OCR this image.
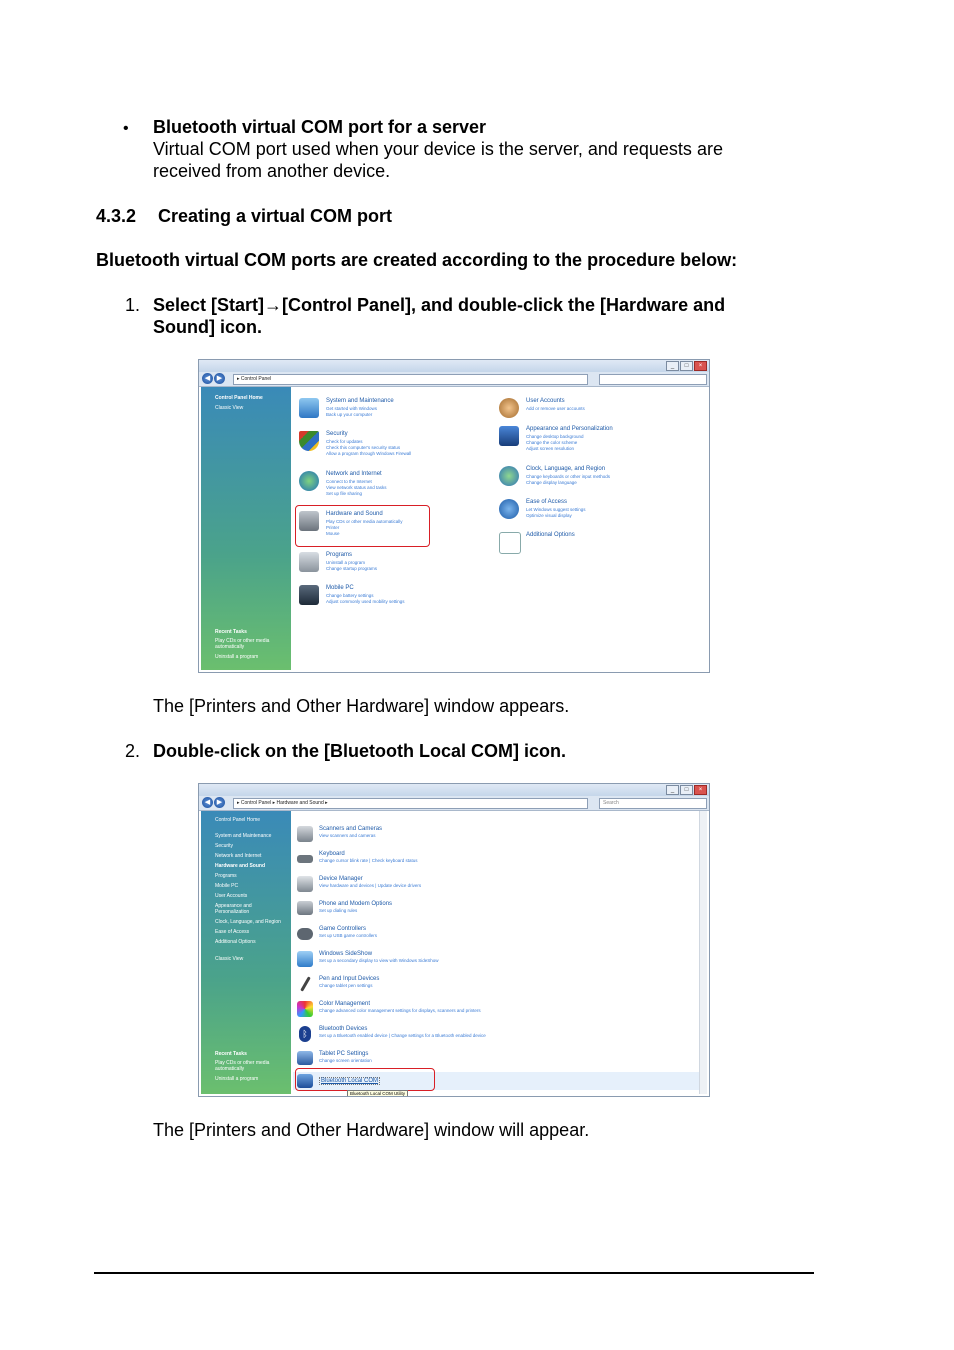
• Bluetooth virtual COM port for a server
Virtual COM port used when your device is the server, and requests are
received from another device.
4.3.2 Creating a virtual COM port
Bluetooth virtual COM ports are created according to the procedure below:
1. Select [Start]→[Control Panel], and double-click the [Hardware and
Sound] icon.
_	□	×
◀ ▶	▸ Control Panel
Control Panel Home
Classic View
Recent Tasks
Play CDs or other media
automatically
Uninstall a program
System and Maintenance
Get started with Windows
Back up your computer
Security
Check for updates
Check this computer's security status
Allow a program through Windows Firewall
Network and Internet
Connect to the Internet
View network status and tasks
Set up file sharing
Hardware and Sound
Play CDs or other media automatically
Printer
Mouse
Programs
Uninstall a program
Change startup programs
Mobile PC
Change battery settings
Adjust commonly used mobility settings
User Accounts
Add or remove user accounts
Appearance and Personalization
Change desktop background
Change the color scheme
Adjust screen resolution
Clock, Language, and Region
Change keyboards or other input methods
Change display language
Ease of Access
Let Windows suggest settings
Optimize visual display
Additional Options
The [Printers and Other Hardware] window appears.
2. Double-click on the [Bluetooth Local COM] icon.
_	□	×
◀ ▶	▸ Control Panel ▸ Hardware and Sound ▸	Search
Control Panel Home
System and Maintenance
Security
Network and Internet
Hardware and Sound
Programs
Mobile PC
User Accounts
Appearance and
Personalization
Clock, Language, and Region
Ease of Access
Additional Options
Classic View
Recent Tasks
Play CDs or other media
automatically
Uninstall a program
Scanners and Cameras
View scanners and cameras
Keyboard
Change cursor blink rate | Check keyboard status
Device Manager
View hardware and devices | Update device drivers
Phone and Modem Options
Set up dialing rules
Game Controllers
Set up USB game controllers
Windows SideShow
Set up a secondary display to view with Windows SideShow
Pen and Input Devices
Change tablet pen settings
Color Management
Change advanced color management settings for displays, scanners and printers
ᛒ	Bluetooth Devices
Set up a Bluetooth enabled device | Change settings for a Bluetooth enabled device
Tablet PC Settings
Change screen orientation
Bluetooth Local COM
Bluetooth Local COM Utility
The [Printers and Other Hardware] window will appear.
